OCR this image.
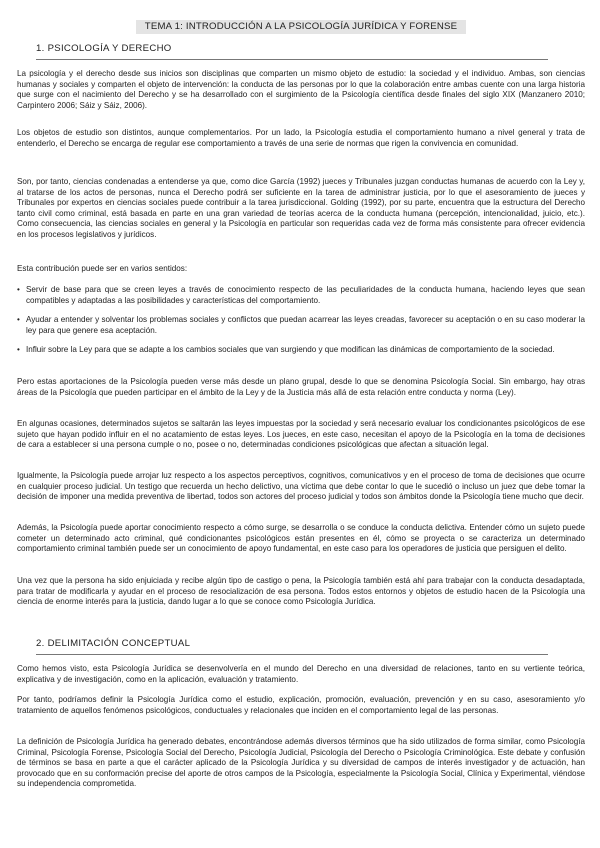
TEMA 1: INTRODUCCIÓN A LA PSICOLOGÍA JURÍDICA Y FORENSE
1. PSICOLOGÍA Y DERECHO

La psicología y el derecho desde sus inicios son disciplinas que comparten un mismo objeto de estudio: la sociedad y el individuo. Ambas, son ciencias humanas y sociales y comparten el objeto de intervención: la conducta de las personas por lo que la colaboración entre ambas cuente con una larga historia que surge con el nacimiento del Derecho y se ha desarrollado con el surgimiento de la Psicología científica desde finales del siglo XIX (Manzanero 2010; Carpintero 2006; Sáiz y Sáiz, 2006).

Los objetos de estudio son distintos, aunque complementarios. Por un lado, la Psicología estudia el comportamiento humano a nivel general y trata de entenderlo, el Derecho se encarga de regular ese comportamiento a través de una serie de normas que rigen la convivencia en comunidad.

Son, por tanto, ciencias condenadas a entenderse ya que, como dice García (1992) jueces y Tribunales juzgan conductas humanas de acuerdo con la Ley y, al tratarse de los actos de personas, nunca el Derecho podrá ser suficiente en la tarea de administrar justicia, por lo que el asesoramiento de jueces y Tribunales por expertos en ciencias sociales puede contribuir a la tarea jurisdiccional. Golding (1992), por su parte, encuentra que la estructura del Derecho tanto civil como criminal, está basada en parte en una gran variedad de teorías acerca de la conducta humana (percepción, intencionalidad, juicio, etc.). Como consecuencia, las ciencias sociales en general y la Psicología en particular son requeridas cada vez de forma más consistente para ofrecer evidencia en los procesos legislativos y jurídicos.

Esta contribución puede ser en varios sentidos:

• Servir de base para que se creen leyes a través de conocimiento respecto de las peculiaridades de la conducta humana, haciendo leyes que sean compatibles y adaptadas a las posibilidades y características del comportamiento.
• Ayudar a entender y solventar los problemas sociales y conflictos que puedan acarrear las leyes creadas, favorecer su aceptación o en su caso moderar la ley para que genere esa aceptación.
• Influir sobre la Ley para que se adapte a los cambios sociales que van surgiendo y que modifican las dinámicas de comportamiento de la sociedad.

Pero estas aportaciones de la Psicología pueden verse más desde un plano grupal, desde lo que se denomina Psicología Social. Sin embargo, hay otras áreas de la Psicología que pueden participar en el ámbito de la Ley y de la Justicia más allá de esta relación entre conducta y norma (Ley).

En algunas ocasiones, determinados sujetos se saltarán las leyes impuestas por la sociedad y será necesario evaluar los condicionantes psicológicos de ese sujeto que hayan podido influir en el no acatamiento de estas leyes. Los jueces, en este caso, necesitan el apoyo de la Psicología en la toma de decisiones de cara a establecer si una persona cumple o no, posee o no, determinadas condiciones psicológicas que afectan a situación legal.

Igualmente, la Psicología puede arrojar luz respecto a los aspectos perceptivos, cognitivos, comunicativos y en el proceso de toma de decisiones que ocurre en cualquier proceso judicial. Un testigo que recuerda un hecho delictivo, una víctima que debe contar lo que le sucedió o incluso un juez que debe tomar la decisión de imponer una medida preventiva de libertad, todos son actores del proceso judicial y todos son ámbitos donde la Psicología tiene mucho que decir.

Además, la Psicología puede aportar conocimiento respecto a cómo surge, se desarrolla o se conduce la conducta delictiva. Entender cómo un sujeto puede cometer un determinado acto criminal, qué condicionantes psicológicos están presentes en él, cómo se proyecta o se caracteriza un determinado comportamiento criminal también puede ser un conocimiento de apoyo fundamental, en este caso para los operadores de justicia que persiguen el delito.

Una vez que la persona ha sido enjuiciada y recibe algún tipo de castigo o pena, la Psicología también está ahí para trabajar con la conducta desadaptada, para tratar de modificarla y ayudar en el proceso de resocialización de esa persona. Todos estos entornos y objetos de estudio hacen de la Psicología una ciencia de enorme interés para la justicia, dando lugar a lo que se conoce como Psicología Jurídica.

2. DELIMITACIÓN CONCEPTUAL

Como hemos visto, esta Psicología Jurídica se desenvolvería en el mundo del Derecho en una diversidad de relaciones, tanto en su vertiente teórica, explicativa y de investigación, como en la aplicación, evaluación y tratamiento.

Por tanto, podríamos definir la Psicología Jurídica como el estudio, explicación, promoción, evaluación, prevención y en su caso, asesoramiento y/o tratamiento de aquellos fenómenos psicológicos, conductuales y relacionales que inciden en el comportamiento legal de las personas.

La definición de Psicología Jurídica ha generado debates, encontrándose además diversos términos que ha sido utilizados de forma similar, como Psicología Criminal, Psicología Forense, Psicología Social del Derecho, Psicología Judicial, Psicología del Derecho o Psicología Criminológica. Este debate y confusión de términos se basa en parte a que el carácter aplicado de la Psicología Jurídica y su diversidad de campos de interés investigador y de actuación, han provocado que en su conformación precise del aporte de otros campos de la Psicología, especialmente la Psicología Social, Clínica y Experimental, viéndose su independencia comprometida.
